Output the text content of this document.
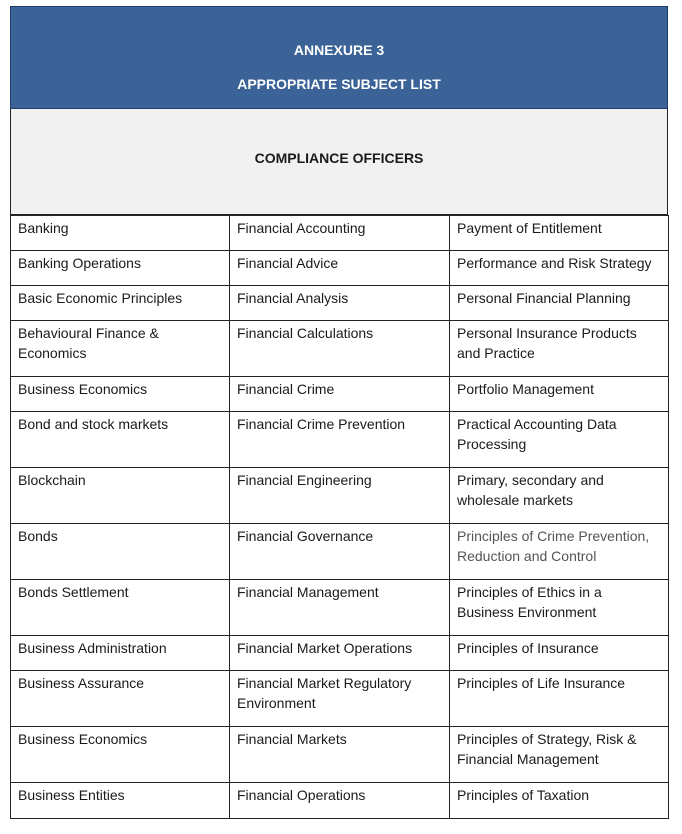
ANNEXURE 3
APPROPRIATE SUBJECT LIST
COMPLIANCE OFFICERS
Banking	Financial Accounting	Payment of Entitlement
Banking Operations	Financial Advice	Performance and Risk Strategy
Basic Economic Principles	Financial Analysis	Personal Financial Planning
Behavioural Finance & Economics	Financial Calculations	Personal Insurance Products and Practice
Business Economics	Financial Crime	Portfolio Management
Bond and stock markets	Financial Crime Prevention	Practical Accounting Data Processing
Blockchain	Financial Engineering	Primary, secondary and wholesale markets
Bonds	Financial Governance	Principles of Crime Prevention, Reduction and Control
Bonds Settlement	Financial Management	Principles of Ethics in a Business Environment
Business Administration	Financial Market Operations	Principles of Insurance
Business Assurance	Financial Market Regulatory Environment	Principles of Life Insurance
Business Economics	Financial Markets	Principles of Strategy, Risk & Financial Management
Business Entities	Financial Operations	Principles of Taxation
